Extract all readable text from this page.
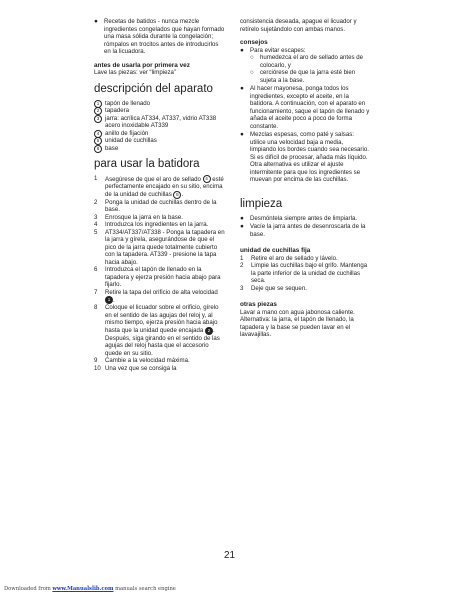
● Recetas de batidos - nunca mezcle ingredientes congelados que hayan formado una masa sólida durante la congelación; rómpalos en trocitos antes de introducirlos en la licuadora.

antes de usarla por primera vez

Lave las piezas: ver “limpieza”

descripción del aparato
1 tapón de llenado
2 tapadera
3 jarra: acrílica AT334, AT337, vidrio AT338 acero inoxidable AT339
4 anillo de fijación
5 unidad de cuchillas
6 base
para usar la batidora
1 Asegúrese de que el aro de sellado 4 esté perfectamente encajado en su sitio, encima de la unidad de cuchillas 5 .
2 Ponga la unidad de cuchillas dentro de la base.
3 Enrosque la jarra en la base.
4 Introduzca los ingredientes en la jarra.
5 AT334/AT337/AT338 - Ponga la tapadera en la jarra y gírela, asegurándose de que el pico de la jarra quede totalmente cubierto con la tapadera. AT339 - presione la tapa hacia abajo.
6 Introduzca el tapón de llenado en la tapadera y ejerza presión hacia abajo para fijarlo.
7 Retire la tapa del orificio de alta velocidad 1 .
8 Coloque el licuador sobre el orificio, gírelo en el sentido de las agujas del reloj y, al mismo tiempo, ejerza presión hacia abajo hasta que la unidad quede encajada 2 . Después, siga girando en el sentido de las agujas del reloj hasta que el accesorio quede en su sitio.
9 Cambie a la velocidad máxima.
10 Una vez que se consiga la

consistencia deseada, apague el licuador y retírelo sujetándolo con ambas manos.

consejos

● Para evitar escapes:
○ humedezca el aro de sellado antes de colocarlo, y
○ cerciórese de que la jarra esté bien sujeta a la base.
● Al hacer mayonesa, ponga todos los ingredientes, excepto el aceite, en la batidora. A continuación, con el aparato en funcionamiento, saque el tapón de llenado y añada el aceite poco a poco de forma constante.
● Mezclas espesas, como paté y salsas: utilice una velocidad baja a media, limpiando los bordes cuando sea necesario. Si es difícil de procesar, añada más líquido. Otra alternativa es utilizar el ajuste intermitente para que los ingredientes se muevan por encima de las cuchillas.
limpieza
● Desmóntela siempre antes de limpiarla.
● Vacíe la jarra antes de desenroscarla de la base.

unidad de cuchillas fija

1 Retire el aro de sellado y lávelo.
2 Limpie las cuchillas bajo el grifo. Mantenga la parte inferior de la unidad de cuchillas seca.
3 Deje que se sequen.

otras piezas

Lavar a mano con agua jabonosa caliente. Alternativa: la jarra, el tapón de llenado, la tapadera y la base se pueden lavar en el lavavajillas.

21
Downloaded from www.Manualslib.com manuals search engine
